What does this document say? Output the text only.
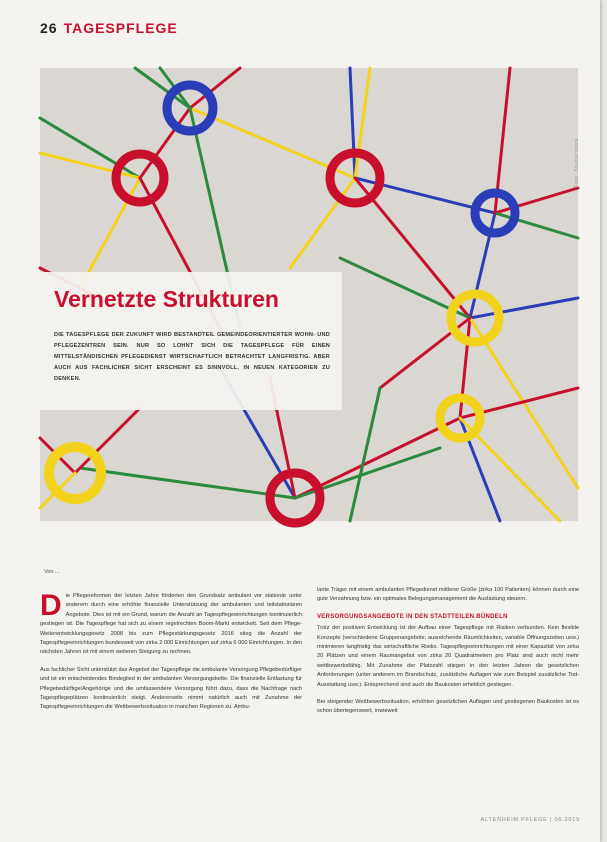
26 TAGESPFLEGE
Foto: Shutterstock
Vernetzte Strukturen

DIE TAGESPFLEGE DER ZUKUNFT WIRD BESTANDTEIL GEMEINDEORIENTIERTER WOHN- UND PFLEGEZENTREN SEIN. NUR SO LOHNT SICH DIE TAGESPFLEGE FÜR EINEN MITTELSTÄNDISCHEN PFLEGEDIENST WIRTSCHAFTLICH BETRACHTET LANGFRISTIG. ABER AUCH AUS FACHLICHER SICHT ERSCHEINT ES SINNVOLL, IN NEUEN KATEGORIEN ZU DENKEN.

Von ...

Die Pflegereformen der letzten Jahre förderten den Grundsatz ambulant vor stationär unter anderem durch eine erhöhte finanzielle Unterstützung der ambulanten und teilstationären Angebote. Dies ist mit ein Grund, warum die Anzahl an Tagespflegeeinrichtungen kontinuierlich gestiegen ist. Die Tagespflege hat sich zu einem regelrechten Boom-Markt entwickelt. Seit dem Pflege-Weiterentwicklungsgesetz 2008 bis zum Pflegestärkungsgesetz 2016 stieg die Anzahl der Tagespflegeeinrichtungen bundesweit von zirka 2 000 Einrichtungen auf zirka 6 000 Einrichtungen. In den nächsten Jahren ist mit einem weiteren Steigung zu rechnen.

Aus fachlicher Sicht unterstützt das Angebot der Tagespflege die ambulante Versorgung Pflegebedürftiger und ist ein entscheidendes Bindeglied in der ambulanten Versorgungskette. Die finanzielle Entlastung für Pflegebedürftige/Angehörige und die umfassendere Versorgung führt dazu, dass die Nachfrage nach Tagespflegeplätzen kontinuierlich steigt. Andererseits nimmt natürlich auch mit Zunahme der Tagespflegeeinrichtungen die Wettbewerbssituation in manchen Regionen zu. Ambu-

lante Träger mit einem ambulanten Pflegedienst mittlerer Größe (zirka 100 Patienten) können durch eine gute Verzahnung bzw. ein optimales Belegungsmanagement die Auslastung steuern.

VERSORGUNGSANGEBOTE IN DEN STADTTEILEN BÜNDELN

Trotz der positiven Entwicklung ist der Aufbau einer Tagespflege mit Risiken verbunden. Kein flexible Konzepte (verschiedene Gruppenangebote, ausreichende Räumlichkeiten, variable Öffnungszeiten usw.) minimieren langfristig das wirtschaftliche Risiko. Tagespflegeeinrichtungen mit einer Kapazität von zirka 20 Plätzen und einem Raumangebot von zirka 20 Quadratmetern pro Platz sind auch nicht mehr wettbewerbsfähig. Mit Zunahme der Platzzahl stiegen in den letzten Jahren die gesetzlichen Anforderungen (unter anderem im Brandschutz, zusätzliche Auflagen wie zum Beispiel zusätzliche Tod-Ausstattung usw.). Entsprechend sind auch die Baukosten erheblich gestiegen.

Bei steigender Wettbewerbssituation, erhöhten gesetzlichen Auflagen und gestiegenen Baukosten ist es schon überlegenswert, inwieweit

ALTENHEIM PFLEGE | 06.2019
